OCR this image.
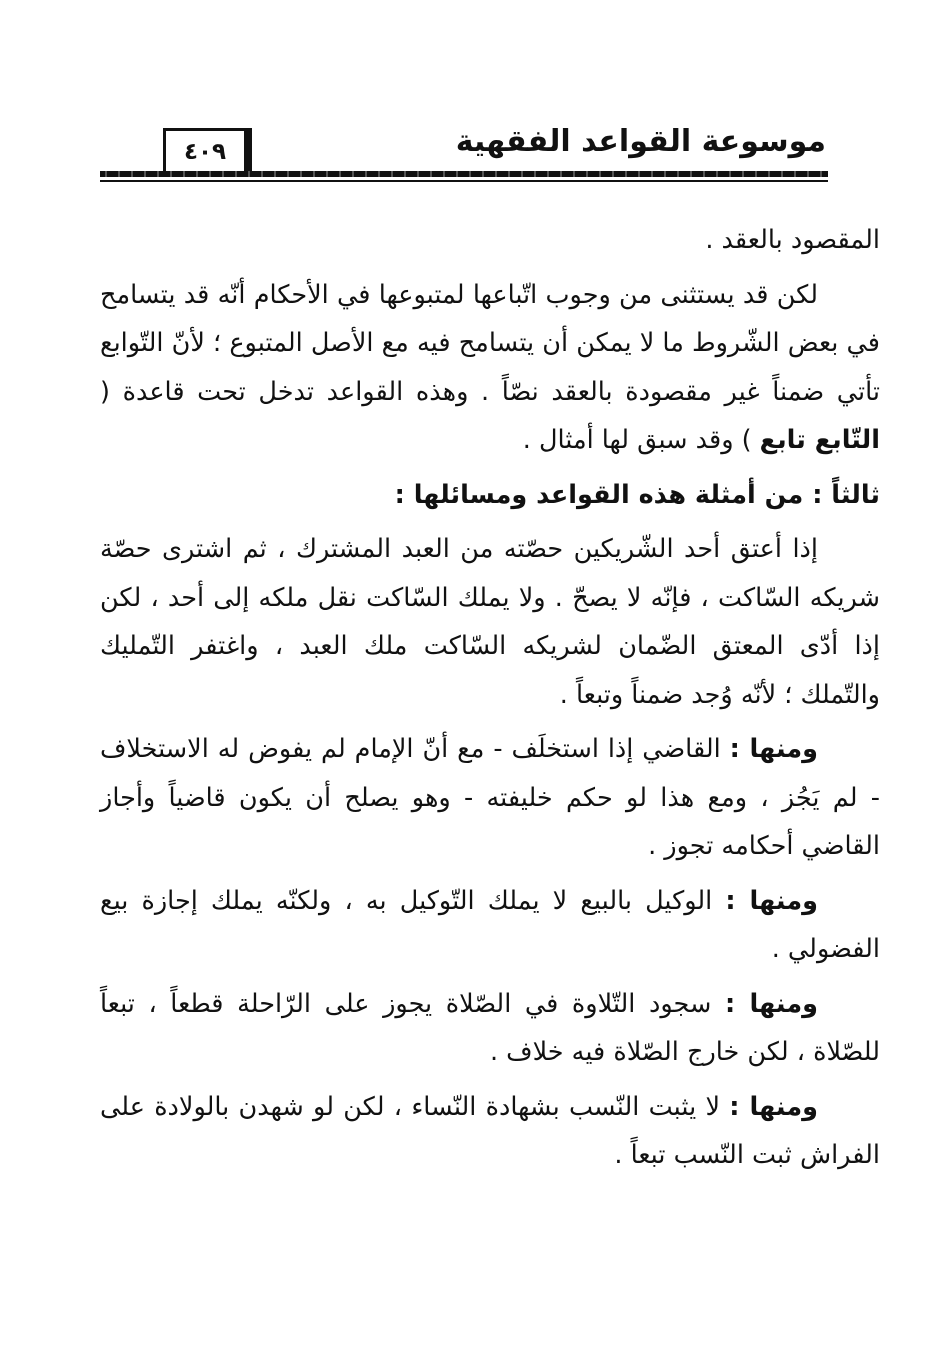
٤٠٩	موسوعة القواعد الفقهية

المقصود بالعقد .

لكن قد يستثنى من وجوب اتّباعها لمتبوعها في الأحكام أنّه قد يتسامح في بعض الشّروط ما لا يمكن أن يتسامح فيه مع الأصل المتبوع ؛ لأنّ التّوابع تأتي ضمناً غير مقصودة بالعقد نصّاً . وهذه القواعد تدخل تحت قاعدة ( التّابع تابع ) وقد سبق لها أمثال .

ثالثاً : من أمثلة هذه القواعد ومسائلها :

إذا أعتق أحد الشّريكين حصّته من العبد المشترك ، ثم اشترى حصّة شريكه السّاكت ، فإنّه لا يصحّ . ولا يملك السّاكت نقل ملكه إلى أحد ، لكن إذا أدّى المعتق الضّمان لشريكه السّاكت ملك العبد ، واغتفر التّمليك والتّملك ؛ لأنّه وُجد ضمناً وتبعاً .

ومنها : القاضي إذا استخلَف - مع أنّ الإمام لم يفوض له الاستخلاف - لم يَجُز ، ومع هذا لو حكم خليفته - وهو يصلح أن يكون قاضياً وأجاز القاضي أحكامه تجوز .

ومنها : الوكيل بالبيع لا يملك التّوكيل به ، ولكنّه يملك إجازة بيع الفضولي .

ومنها : سجود التّلاوة في الصّلاة يجوز على الرّاحلة قطعاً ، تبعاً للصّلاة ، لكن خارج الصّلاة فيه خلاف .

ومنها : لا يثبت النّسب بشهادة النّساء ، لكن لو شهدن بالولادة على الفراش ثبت النّسب تبعاً .
